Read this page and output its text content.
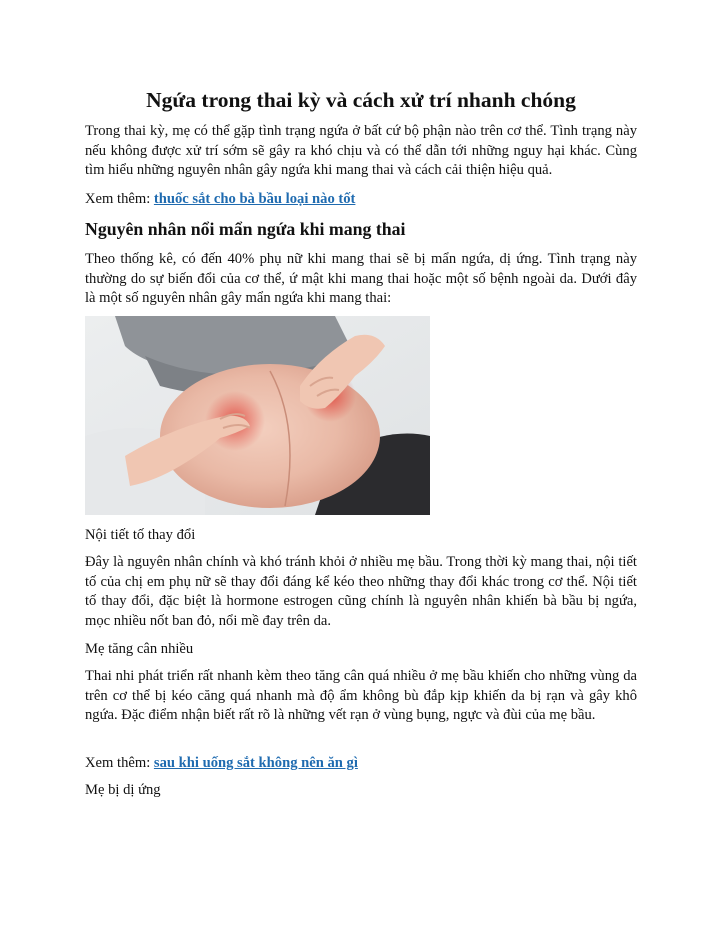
Ngứa trong thai kỳ và cách xử trí nhanh chóng

Trong thai kỳ, mẹ có thể gặp tình trạng ngứa ở bất cứ bộ phận nào trên cơ thể. Tình trạng này nếu không được xử trí sớm sẽ gây ra khó chịu và có thể dẫn tới những nguy hại khác. Cùng tìm hiểu những nguyên nhân gây ngứa khi mang thai và cách cải thiện hiệu quả.

Xem thêm: thuốc sắt cho bà bầu loại nào tốt

Nguyên nhân nổi mẩn ngứa khi mang thai

Theo thống kê, có đến 40% phụ nữ khi mang thai sẽ bị mẩn ngứa, dị ứng. Tình trạng này thường do sự biến đổi của cơ thể, ứ mật khi mang thai hoặc một số bệnh ngoài da. Dưới đây là một số nguyên nhân gây mẩn ngứa khi mang thai:

Nội tiết tố thay đổi

Đây là nguyên nhân chính và khó tránh khỏi ở nhiều mẹ bầu. Trong thời kỳ mang thai, nội tiết tố của chị em phụ nữ sẽ thay đổi đáng kể kéo theo những thay đổi khác trong cơ thể. Nội tiết tố thay đổi, đặc biệt là hormone estrogen cũng chính là nguyên nhân khiến bà bầu bị ngứa, mọc nhiều nốt ban đỏ, nổi mề đay trên da.

Mẹ tăng cân nhiều

Thai nhi phát triển rất nhanh kèm theo tăng cân quá nhiều ở mẹ bầu khiến cho những vùng da trên cơ thể bị kéo căng quá nhanh mà độ ẩm không bù đắp kịp khiến da bị rạn và gây khô ngứa. Đặc điểm nhận biết rất rõ là những vết rạn ở vùng bụng, ngực và đùi của mẹ bầu.

Xem thêm: sau khi uống sắt không nên ăn gì

Mẹ bị dị ứng
